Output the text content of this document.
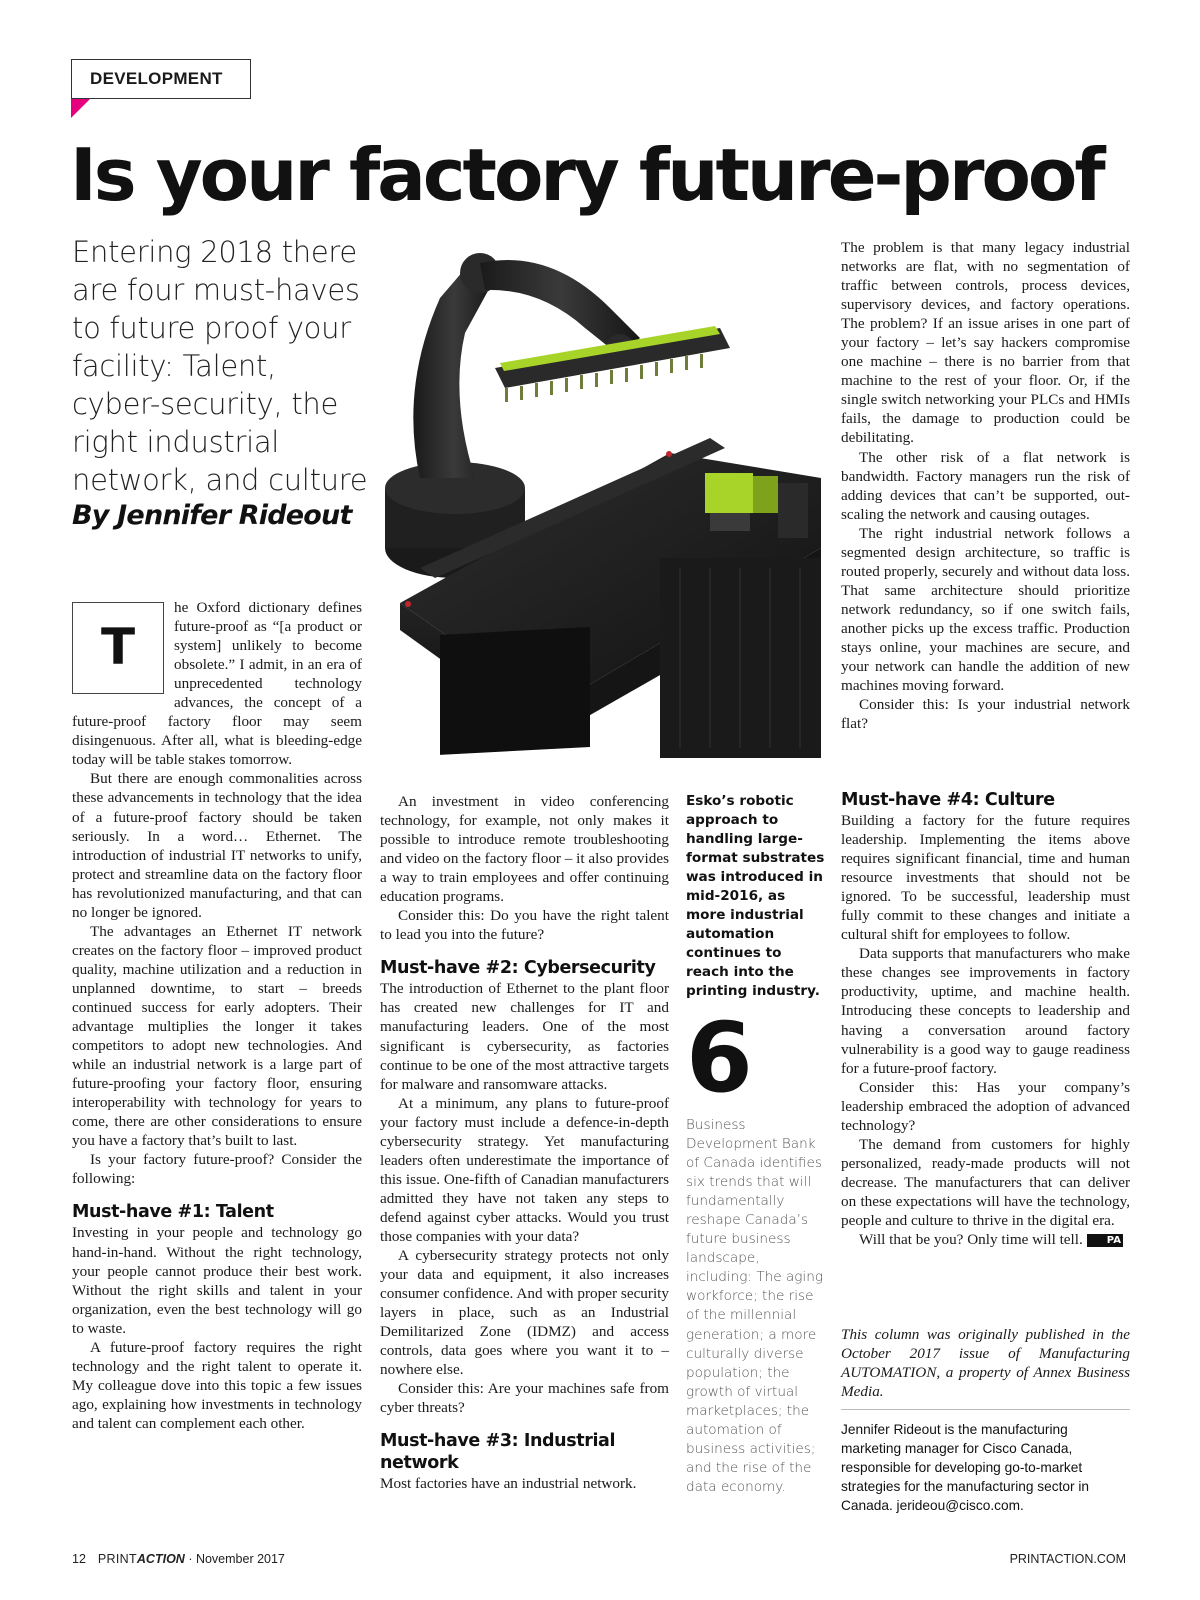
DEVELOPMENT
Is your factory future-proof
Entering 2018 there are four must-haves to future proof your facility: Talent, cyber-security, the right industrial network, and culture
By Jennifer Rideout
T

he Oxford dictionary defines future-proof as “[a product or system] unlikely to become obsolete.” I admit, in an era of unprecedented technology advances, the concept of a future-proof factory floor may seem disingenuous. After all, what is bleeding-edge today will be table stakes tomorrow.

But there are enough commonalities across these advancements in technology that the idea of a future-proof factory should be taken seriously. In a word… Ethernet. The introduction of industrial IT networks to unify, protect and streamline data on the factory floor has revolutionized manufacturing, and that can no longer be ignored.

The advantages an Ethernet IT network creates on the factory floor – improved product quality, machine utilization and a reduction in unplanned downtime, to start – breeds continued success for early adopters. Their advantage multiplies the longer it takes competitors to adopt new technologies. And while an industrial network is a large part of future-proofing your factory floor, ensuring interoperability with technology for years to come, there are other considerations to ensure you have a factory that’s built to last.

Is your factory future-proof? Consider the following:

Must-have #1: Talent

Investing in your people and technology go hand-in-hand. Without the right technology, your people cannot produce their best work. Without the right skills and talent in your organization, even the best technology will go to waste.

A future-proof factory requires the right technology and the right talent to operate it. My colleague dove into this topic a few issues ago, explaining how investments in technology and talent can complement each other.

An investment in video conferencing technology, for example, not only makes it possible to introduce remote troubleshooting and video on the factory floor – it also provides a way to train employees and offer continuing education programs.

Consider this: Do you have the right talent to lead you into the future?

Must-have #2: Cybersecurity

The introduction of Ethernet to the plant floor has created new challenges for IT and manufacturing leaders. One of the most significant is cybersecurity, as factories continue to be one of the most attractive targets for malware and ransomware attacks.

At a minimum, any plans to future-proof your factory must include a defence-in-depth cybersecurity strategy. Yet manufacturing leaders often underestimate the importance of this issue. One-fifth of Canadian manufacturers admitted they have not taken any steps to defend against cyber attacks. Would you trust those companies with your data?

A cybersecurity strategy protects not only your data and equipment, it also increases consumer confidence. And with proper security layers in place, such as an Industrial Demilitarized Zone (IDMZ) and access controls, data goes where you want it to – nowhere else.

Consider this: Are your machines safe from cyber threats?

Must-have #3: Industrial network

Most factories have an industrial network.

Esko’s robotic approach to handling large-format substrates was introduced in mid-2016, as more industrial automation continues to reach into the printing industry.
6
Business Development Bank of Canada identifies six trends that will fundamentally reshape Canada’s future business landscape, including: The aging workforce; the rise of the millennial generation; a more culturally diverse population; the growth of virtual marketplaces; the automation of business activities; and the rise of the data economy.

The problem is that many legacy industrial networks are flat, with no segmentation of traffic between controls, process devices, supervisory devices, and factory operations. The problem? If an issue arises in one part of your factory – let’s say hackers compromise one machine – there is no barrier from that machine to the rest of your floor. Or, if the single switch networking your PLCs and HMIs fails, the damage to production could be debilitating.

The other risk of a flat network is bandwidth. Factory managers run the risk of adding devices that can’t be supported, out-scaling the network and causing outages.

The right industrial network follows a segmented design architecture, so traffic is routed properly, securely and without data loss. That same architecture should prioritize network redundancy, so if one switch fails, another picks up the excess traffic. Production stays online, your machines are secure, and your network can handle the addition of new machines moving forward.

Consider this: Is your industrial network flat?

Must-have #4: Culture

Building a factory for the future requires leadership. Implementing the items above requires significant financial, time and human resource investments that should not be ignored. To be successful, leadership must fully commit to these changes and initiate a cultural shift for employees to follow.

Data supports that manufacturers who make these changes see improvements in factory productivity, uptime, and machine health. Introducing these concepts to leadership and having a conversation around factory vulnerability is a good way to gauge readiness for a future-proof factory.

Consider this: Has your company’s leadership embraced the adoption of advanced technology?

The demand from customers for highly personalized, ready-made products will not decrease. The manufacturers that can deliver on these expectations will have the technology, people and culture to thrive in the digital era.

Will that be you? Only time will tell. PA

This column was originally published in the October 2017 issue of Manufacturing AUTOMATION, a property of Annex Business Media.
Jennifer Rideout is the manufacturing marketing manager for Cisco Canada, responsible for developing go-to-market strategies for the manufacturing sector in Canada. jerideou@cisco.com.
12 PRINTACTION · November 2017	PRINTACTION.COM
